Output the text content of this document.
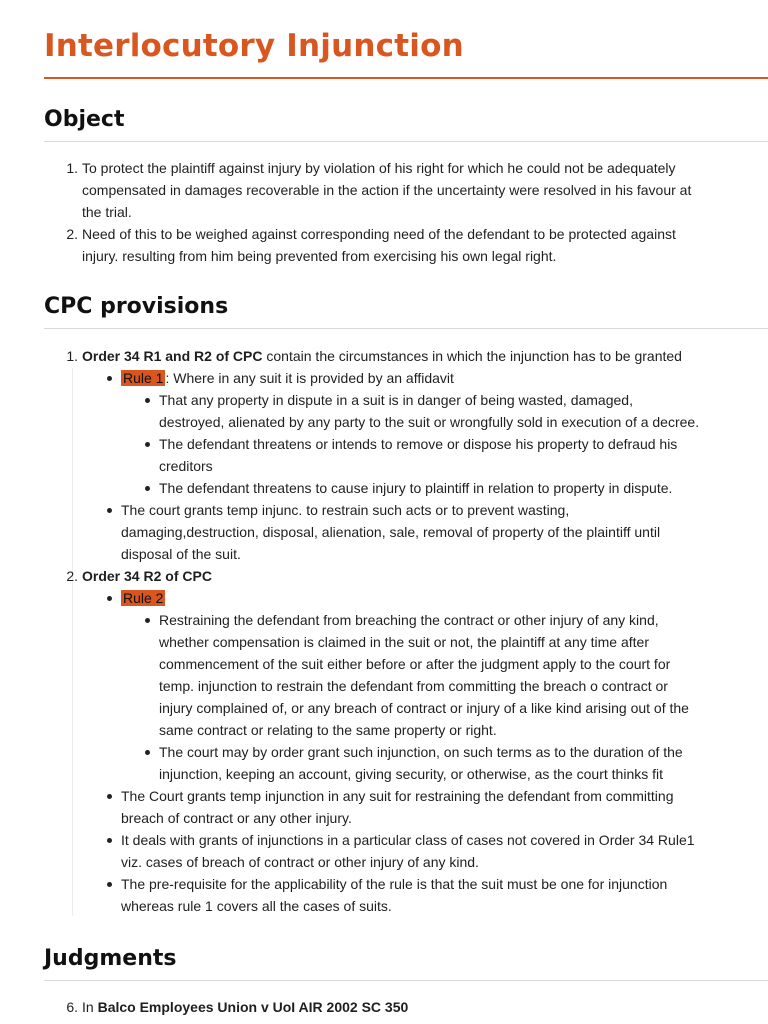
Interlocutory Injunction
Object
1. To protect the plaintiff against injury by violation of his right for which he could not be adequately
compensated in damages recoverable in the action if the uncertainty were resolved in his favour at
the trial.
2. Need of this to be weighed against corresponding need of the defendant to be protected against
injury. resulting from him being prevented from exercising his own legal right.
CPC provisions
1. Order 34 R1 and R2 of CPC contain the circumstances in which the injunction has to be granted
Rule 1 : Where in any suit it is provided by an affidavit
That any property in dispute in a suit is in danger of being wasted, damaged,
destroyed, alienated by any party to the suit or wrongfully sold in execution of a decree.
The defendant threatens or intends to remove or dispose his property to defraud his
creditors
The defendant threatens to cause injury to plaintiff in relation to property in dispute.
The court grants temp injunc. to restrain such acts or to prevent wasting,
damaging,destruction, disposal, alienation, sale, removal of property of the plaintiff until
disposal of the suit.
2. Order 34 R2 of CPC
Rule 2
Restraining the defendant from breaching the contract or other injury of any kind,
whether compensation is claimed in the suit or not, the plaintiff at any time after
commencement of the suit either before or after the judgment apply to the court for
temp. injunction to restrain the defendant from committing the breach o contract or
injury complained of, or any breach of contract or injury of a like kind arising out of the
same contract or relating to the same property or right.
The court may by order grant such injunction, on such terms as to the duration of the
injunction, keeping an account, giving security, or otherwise, as the court thinks fit
The Court grants temp injunction in any suit for restraining the defendant from committing
breach of contract or any other injury.
It deals with grants of injunctions in a particular class of cases not covered in Order 34 Rule1
viz. cases of breach of contract or other injury of any kind.
The pre-requisite for the applicability of the rule is that the suit must be one for injunction
whereas rule 1 covers all the cases of suits.
Judgments
6. In Balco Employees Union v UoI AIR 2002 SC 350
